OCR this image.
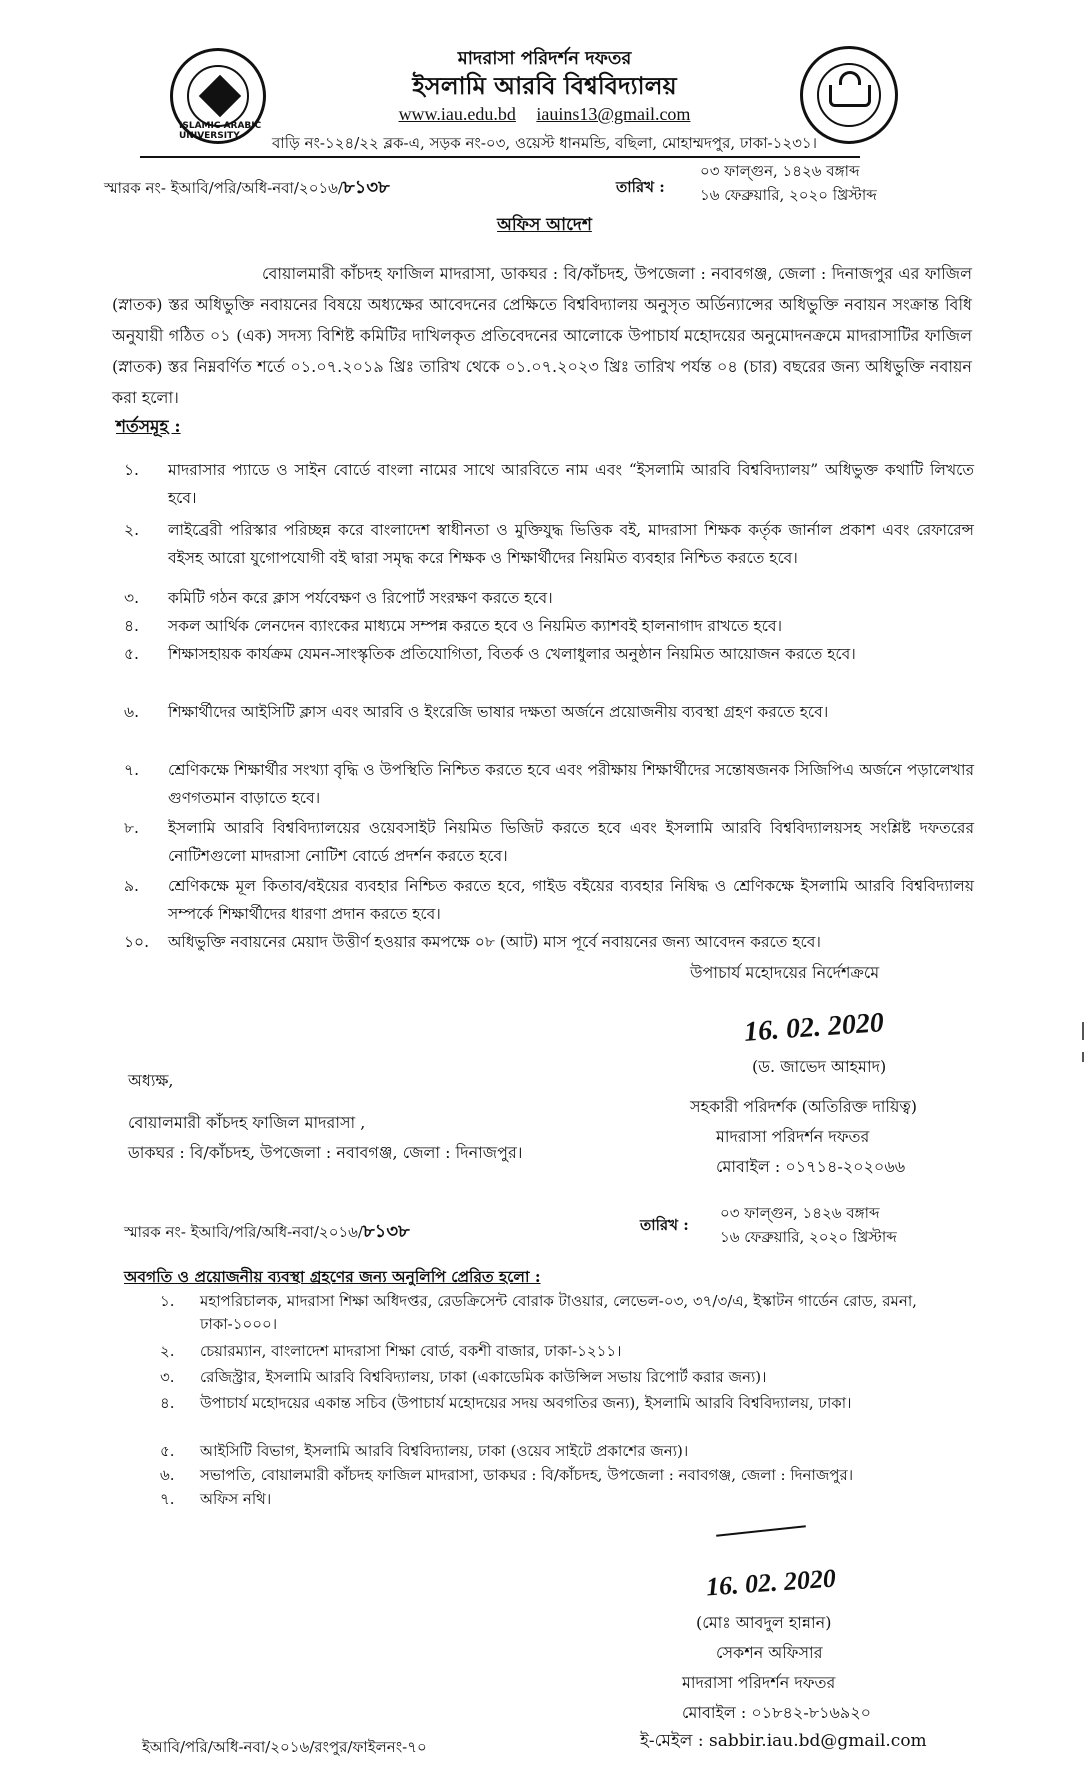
ISLAMIC ARABIC UNIVERSITY
মাদরাসা পরিদর্শন দফতর
ইসলামি আরবি বিশ্ববিদ্যালয়
www.iau.edu.bd iauins13@gmail.com
বাড়ি নং-১২৪/২২ ব্লক-এ, সড়ক নং-০৩, ওয়েস্ট ধানমন্ডি, বছিলা, মোহাম্মদপুর, ঢাকা-১২৩১।
স্মারক নং- ইআবি/পরি/অধি-নবা/২০১৬/৮১৩৮	তারিখ :
০৩ ফাল্গুন, ১৪২৬ বঙ্গাব্দ
১৬ ফেব্রুয়ারি, ২০২০ খ্রিস্টাব্দ
অফিস আদেশ
বোয়ালমারী কাঁচদহ ফাজিল মাদরাসা, ডাকঘর : বি/কাঁচদহ, উপজেলা : নবাবগঞ্জ, জেলা : দিনাজপুর এর ফাজিল (স্নাতক) স্তর অধিভুক্তি নবায়নের বিষয়ে অধ্যক্ষের আবেদনের প্রেক্ষিতে বিশ্ববিদ্যালয় অনুসৃত অর্ডিন্যান্সের অধিভুক্তি নবায়ন সংক্রান্ত বিধি অনুযায়ী গঠিত ০১ (এক) সদস্য বিশিষ্ট কমিটির দাখিলকৃত প্রতিবেদনের আলোকে উপাচার্য মহোদয়ের অনুমোদনক্রমে মাদরাসাটির ফাজিল (স্নাতক) স্তর নিম্নবর্ণিত শর্তে ০১.০৭.২০১৯ খ্রিঃ তারিখ থেকে ০১.০৭.২০২৩ খ্রিঃ তারিখ পর্যন্ত ০৪ (চার) বছরের জন্য অধিভুক্তি নবায়ন করা হলো।
শর্তসমূহ :
১.	মাদরাসার প্যাডে ও সাইন বোর্ডে বাংলা নামের সাথে আরবিতে নাম এবং “ইসলামি আরবি বিশ্ববিদ্যালয়” অধিভুক্ত কথাটি লিখতে হবে।
২.	লাইব্রেরী পরিস্কার পরিচ্ছন্ন করে বাংলাদেশ স্বাধীনতা ও মুক্তিযুদ্ধ ভিত্তিক বই, মাদরাসা শিক্ষক কর্তৃক জার্নাল প্রকাশ এবং রেফারেন্স বইসহ আরো যুগোপযোগী বই দ্বারা সমৃদ্ধ করে শিক্ষক ও শিক্ষার্থীদের নিয়মিত ব্যবহার নিশ্চিত করতে হবে।
৩.	কমিটি গঠন করে ক্লাস পর্যবেক্ষণ ও রিপোর্ট সংরক্ষণ করতে হবে।
৪.	সকল আর্থিক লেনদেন ব্যাংকের মাধ্যমে সম্পন্ন করতে হবে ও নিয়মিত ক্যাশবই হালনাগাদ রাখতে হবে।
৫.	শিক্ষাসহায়ক কার্যক্রম যেমন-সাংস্কৃতিক প্রতিযোগিতা, বিতর্ক ও খেলাধুলার অনুষ্ঠান নিয়মিত আয়োজন করতে হবে।
৬.	শিক্ষার্থীদের আইসিটি ক্লাস এবং আরবি ও ইংরেজি ভাষার দক্ষতা অর্জনে প্রয়োজনীয় ব্যবস্থা গ্রহণ করতে হবে।
৭.	শ্রেণিকক্ষে শিক্ষার্থীর সংখ্যা বৃদ্ধি ও উপস্থিতি নিশ্চিত করতে হবে এবং পরীক্ষায় শিক্ষার্থীদের সন্তোষজনক সিজিপিএ অর্জনে পড়ালেখার গুণগতমান বাড়াতে হবে।
৮.	ইসলামি আরবি বিশ্ববিদ্যালয়ের ওয়েবসাইট নিয়মিত ভিজিট করতে হবে এবং ইসলামি আরবি বিশ্ববিদ্যালয়সহ সংশ্লিষ্ট দফতরের নোটিশগুলো মাদরাসা নোটিশ বোর্ডে প্রদর্শন করতে হবে।
৯.	শ্রেণিকক্ষে মূল কিতাব/বইয়ের ব্যবহার নিশ্চিত করতে হবে, গাইড বইয়ের ব্যবহার নিষিদ্ধ ও শ্রেণিকক্ষে ইসলামি আরবি বিশ্ববিদ্যালয় সম্পর্কে শিক্ষার্থীদের ধারণা প্রদান করতে হবে।
১০.	অধিভুক্তি নবায়নের মেয়াদ উত্তীর্ণ হওয়ার কমপক্ষে ০৮ (আট) মাস পূর্বে নবায়নের জন্য আবেদন করতে হবে।
উপাচার্য মহোদয়ের নির্দেশক্রমে
16. 02. 2020
(ড. জাভেদ আহমাদ)
অধ্যক্ষ,
বোয়ালমারী কাঁচদহ ফাজিল মাদরাসা ,
ডাকঘর : বি/কাঁচদহ, উপজেলা : নবাবগঞ্জ, জেলা : দিনাজপুর।
সহকারী পরিদর্শক (অতিরিক্ত দায়িত্ব)
মাদরাসা পরিদর্শন দফতর
মোবাইল : ০১৭১৪-২০২০৬৬
স্মারক নং- ইআবি/পরি/অধি-নবা/২০১৬/৮১৩৮	তারিখ :
০৩ ফাল্গুন, ১৪২৬ বঙ্গাব্দ
১৬ ফেব্রুয়ারি, ২০২০ খ্রিস্টাব্দ
অবগতি ও প্রয়োজনীয় ব্যবস্থা গ্রহণের জন্য অনুলিপি প্রেরিত হলো :
১.	মহাপরিচালক, মাদরাসা শিক্ষা অধিদপ্তর, রেডক্রিসেন্ট বোরাক টাওয়ার, লেভেল-০৩, ৩৭/৩/এ, ইস্কাটন গার্ডেন রোড, রমনা, ঢাকা-১০০০।
২.	চেয়ারম্যান, বাংলাদেশ মাদরাসা শিক্ষা বোর্ড, বকশী বাজার, ঢাকা-১২১১।
৩.	রেজিস্ট্রার, ইসলামি আরবি বিশ্ববিদ্যালয়, ঢাকা (একাডেমিক কাউন্সিল সভায় রিপোর্ট করার জন্য)।
৪.	উপাচার্য মহোদয়ের একান্ত সচিব (উপাচার্য মহোদয়ের সদয় অবগতির জন্য), ইসলামি আরবি বিশ্ববিদ্যালয়, ঢাকা।
৫.	আইসিটি বিভাগ, ইসলামি আরবি বিশ্ববিদ্যালয়, ঢাকা (ওয়েব সাইটে প্রকাশের জন্য)।
৬.	সভাপতি, বোয়ালমারী কাঁচদহ ফাজিল মাদরাসা, ডাকঘর : বি/কাঁচদহ, উপজেলা : নবাবগঞ্জ, জেলা : দিনাজপুর।
৭.	অফিস নথি।
16. 02. 2020
(মোঃ আবদুল হান্নান)
সেকশন অফিসার
মাদরাসা পরিদর্শন দফতর
মোবাইল : ০১৮৪২-৮১৬৯২০
ই-মেইল : sabbir.iau.bd@gmail.com
ইআবি/পরি/অধি-নবা/২০১৬/রংপুর/ফাইলনং-৭০
